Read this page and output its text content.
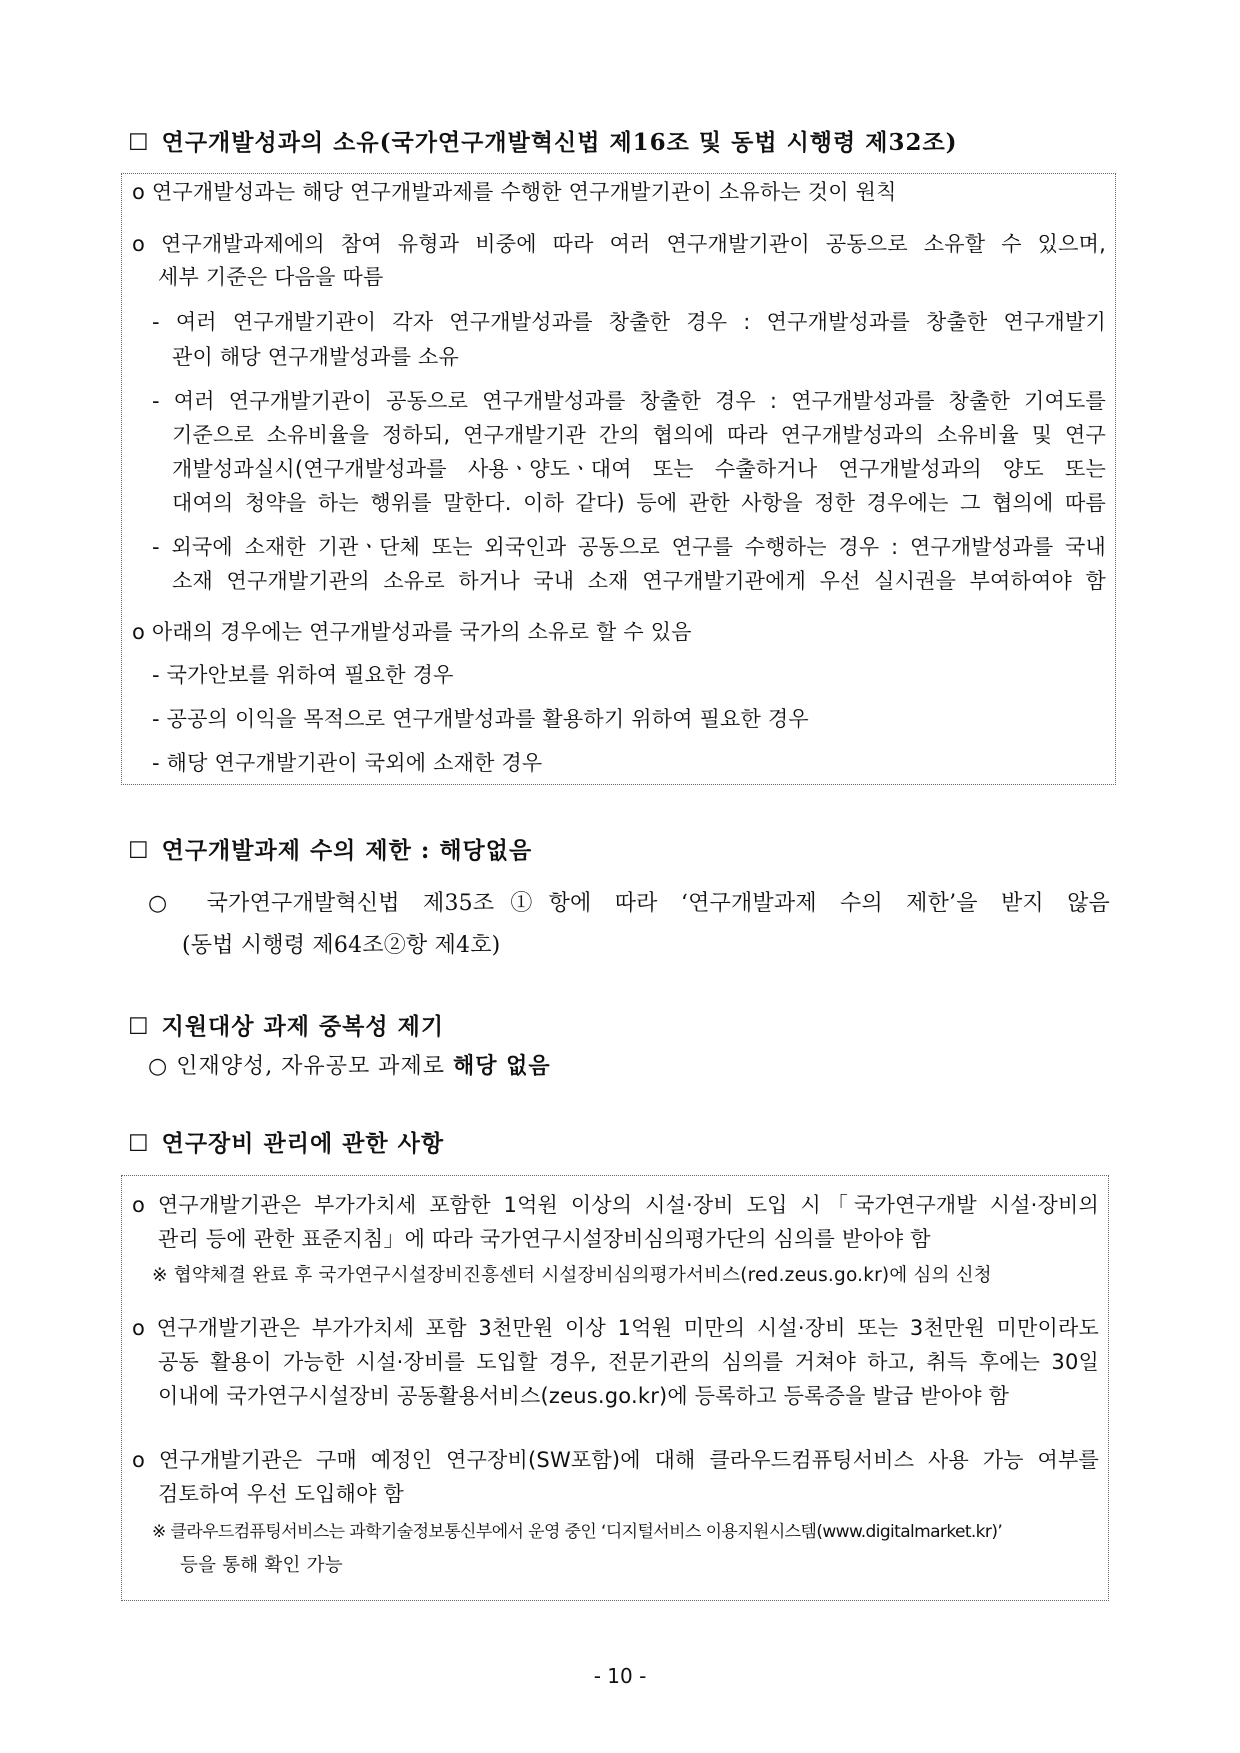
☐ 연구개발성과의 소유(국가연구개발혁신법 제16조 및 동법 시행령 제32조)
o 연구개발성과는 해당 연구개발과제를 수행한 연구개발기관이 소유하는 것이 원칙
o 연구개발과제에의 참여 유형과 비중에 따라 여러 연구개발기관이 공동으로 소유할 수 있으며,
세부 기준은 다음을 따름
- 여러 연구개발기관이 각자 연구개발성과를 창출한 경우 : 연구개발성과를 창출한 연구개발기
관이 해당 연구개발성과를 소유
- 여러 연구개발기관이 공동으로 연구개발성과를 창출한 경우 : 연구개발성과를 창출한 기여도를
기준으로 소유비율을 정하되, 연구개발기관 간의 협의에 따라 연구개발성과의 소유비율 및 연구
개발성과실시(연구개발성과를 사용ㆍ양도ㆍ대여 또는 수출하거나 연구개발성과의 양도 또는
대여의 청약을 하는 행위를 말한다. 이하 같다) 등에 관한 사항을 정한 경우에는 그 협의에 따름
- 외국에 소재한 기관ㆍ단체 또는 외국인과 공동으로 연구를 수행하는 경우 : 연구개발성과를 국내
소재 연구개발기관의 소유로 하거나 국내 소재 연구개발기관에게 우선 실시권을 부여하여야 함
o 아래의 경우에는 연구개발성과를 국가의 소유로 할 수 있음
- 국가안보를 위하여 필요한 경우
- 공공의 이익을 목적으로 연구개발성과를 활용하기 위하여 필요한 경우
- 해당 연구개발기관이 국외에 소재한 경우
☐ 연구개발과제 수의 제한 : 해당없음
○ 국가연구개발혁신법 제35조①항에 따라 ‘연구개발과제 수의 제한’을 받지 않음
(동법 시행령 제64조②항 제4호)
☐ 지원대상 과제 중복성 제기
○ 인재양성, 자유공모 과제로 해당 없음
☐ 연구장비 관리에 관한 사항
o 연구개발기관은 부가가치세 포함한 1억원 이상의 시설·장비 도입 시「국가연구개발 시설·장비의
관리 등에 관한 표준지침」에 따라 국가연구시설장비심의평가단의 심의를 받아야 함
※ 협약체결 완료 후 국가연구시설장비진흥센터 시설장비심의평가서비스(red.zeus.go.kr)에 심의 신청
o 연구개발기관은 부가가치세 포함 3천만원 이상 1억원 미만의 시설·장비 또는 3천만원 미만이라도
공동 활용이 가능한 시설·장비를 도입할 경우, 전문기관의 심의를 거쳐야 하고, 취득 후에는 30일
이내에 국가연구시설장비 공동활용서비스(zeus.go.kr)에 등록하고 등록증을 발급 받아야 함
o 연구개발기관은 구매 예정인 연구장비(SW포함)에 대해 클라우드컴퓨팅서비스 사용 가능 여부를
검토하여 우선 도입해야 함
※ 클라우드컴퓨팅서비스는 과학기술정보통신부에서 운영 중인 ‘디지털서비스 이용지원시스템(www.digitalmarket.kr)’
등을 통해 확인 가능
- 10 -
